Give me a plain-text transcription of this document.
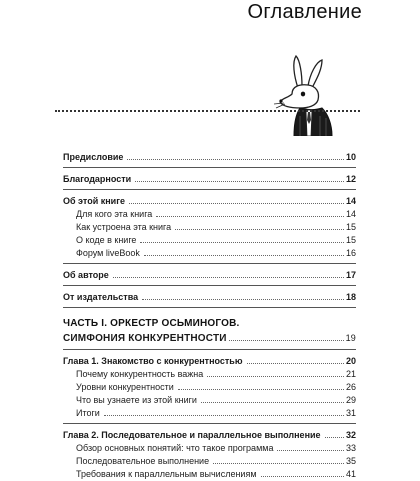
Оглавление
Предисловие	10
Благодарности	12
Об этой книге	14
Для кого эта книга	14
Как устроена эта книга	15
О коде в книге	15
Форум liveBook	16
Об авторе	17
От издательства	18
ЧАСТЬ I. ОРКЕСТР ОСЬМИНОГОВ.
СИМФОНИЯ КОНКУРЕНТНОСТИ	19
Глава 1. Знакомство с конкурентностью	20
Почему конкурентность важна	21
Уровни конкурентности	26
Что вы узнаете из этой книги	29
Итоги	31
Глава 2. Последовательное и параллельное выполнение	32
Обзор основных понятий: что такое программа	33
Последовательное выполнение	35
Требования к параллельным вычислениям	41
